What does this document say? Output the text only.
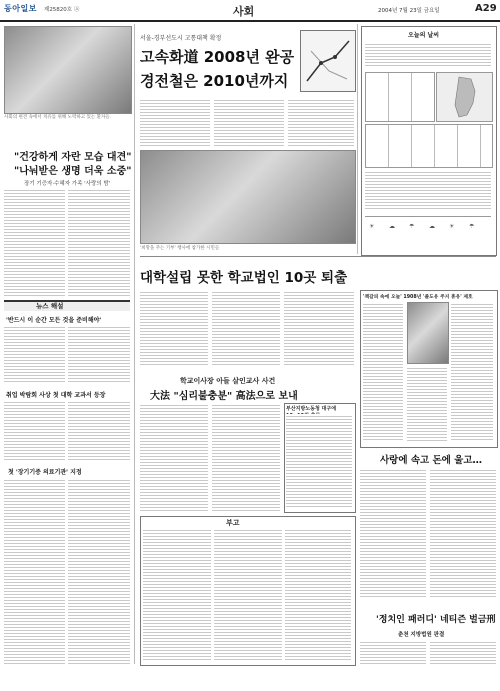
동아일보 제25820호 ⓐ	사회	2004년 7월 23일 금요일	A29
사회의 편견 속에서 치유를 위해 노력하고 있는 환자들.
"건강하게 자란 모습 대견"
"나눠받은 생명 더욱 소중"
장기 기증자·수혜자 가족 '사랑의 밤'
뉴스 해설
'반드시 이 순간 모든 것을 준비해야'
취업 박람회 사상 첫 대학 교과서 등장
첫 '장기기증 의료기관' 지정
서울-경부선도시 고통대책 확정
고속화道 2008년 완공
경전철은 2010년까지
'희망을 주는 기부' 행사에 참가한 시민들
오늘의 날씨
☀ ☁ ☂ ☁ ☀ ☂
대학설립 못한 학교법인 10곳 퇴출
학교이사장 아들 살인교사 사건
大法 "심리불충분" 高法으로 보내
부산지방노동청 대구에
부고
'책갈피 속에 오늘' 1908년 '졸도유 주지 휴유' 제호
사랑에 속고 돈에 울고…
'정치인 패러디' 네티즌 벌금刑
춘천 지방법원 판결
